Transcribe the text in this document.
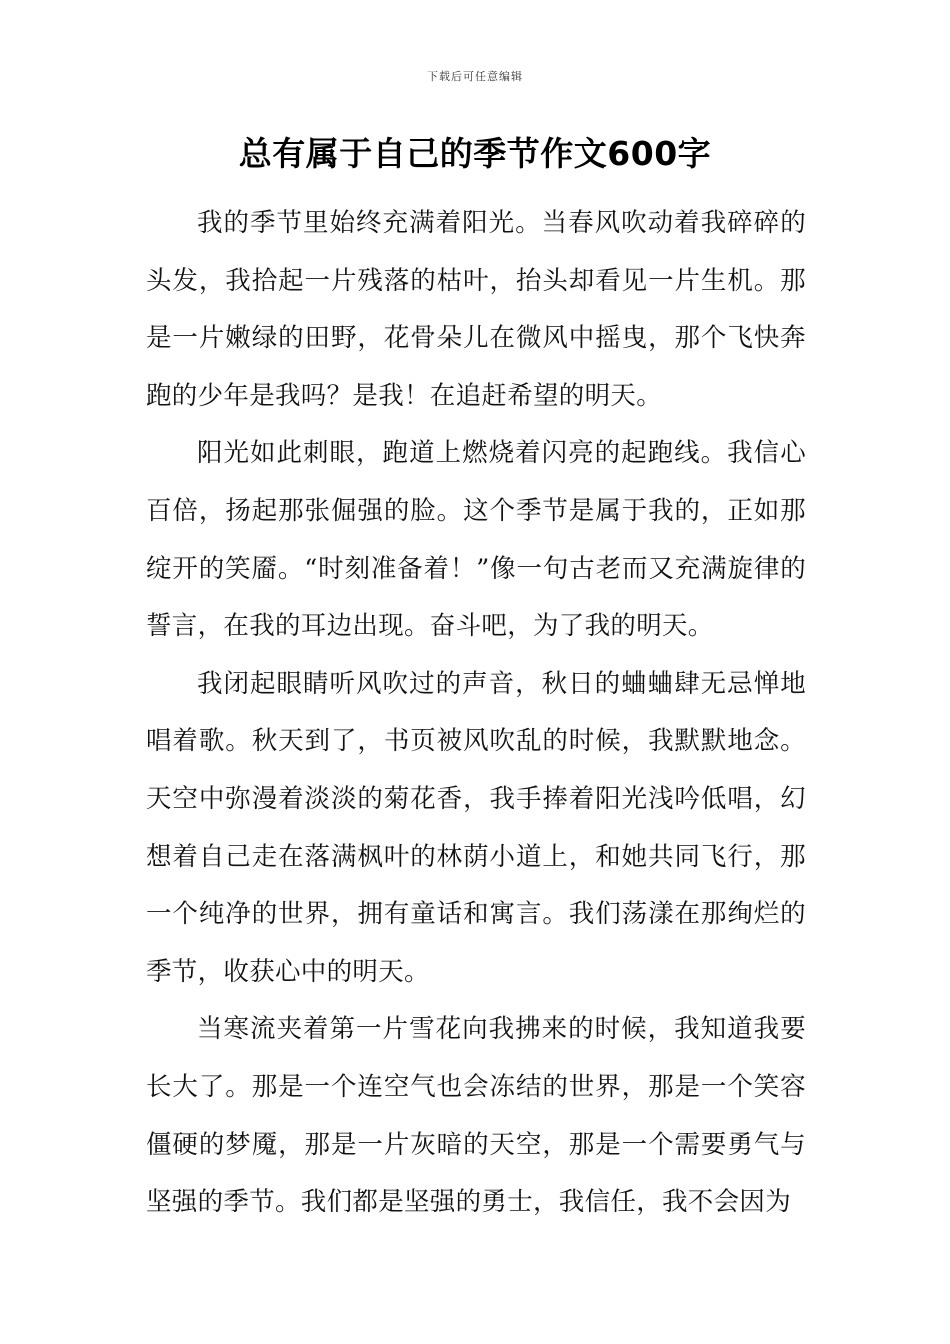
下载后可任意编辑
总有属于自己的季节作文600字

我的季节里始终充满着阳光。当春风吹动着我碎碎的头发，我拾起一片残落的枯叶，抬头却看见一片生机。那是一片嫩绿的田野，花骨朵儿在微风中摇曳，那个飞快奔跑的少年是我吗？是我！在追赶希望的明天。

阳光如此刺眼，跑道上燃烧着闪亮的起跑线。我信心百倍，扬起那张倔强的脸。这个季节是属于我的，正如那绽开的笑靥。“时刻准备着！”像一句古老而又充满旋律的誓言，在我的耳边出现。奋斗吧，为了我的明天。

我闭起眼睛听风吹过的声音，秋日的蛐蛐肆无忌惮地唱着歌。秋天到了，书页被风吹乱的时候，我默默地念。天空中弥漫着淡淡的菊花香，我手捧着阳光浅吟低唱，幻想着自己走在落满枫叶的林荫小道上，和她共同飞行，那一个纯净的世界，拥有童话和寓言。我们荡漾在那绚烂的季节，收获心中的明天。

当寒流夹着第一片雪花向我拂来的时候，我知道我要长大了。那是一个连空气也会冻结的世界，那是一个笑容僵硬的梦魇，那是一片灰暗的天空，那是一个需要勇气与坚强的季节。我们都是坚强的勇士，我信任，我不会因为
